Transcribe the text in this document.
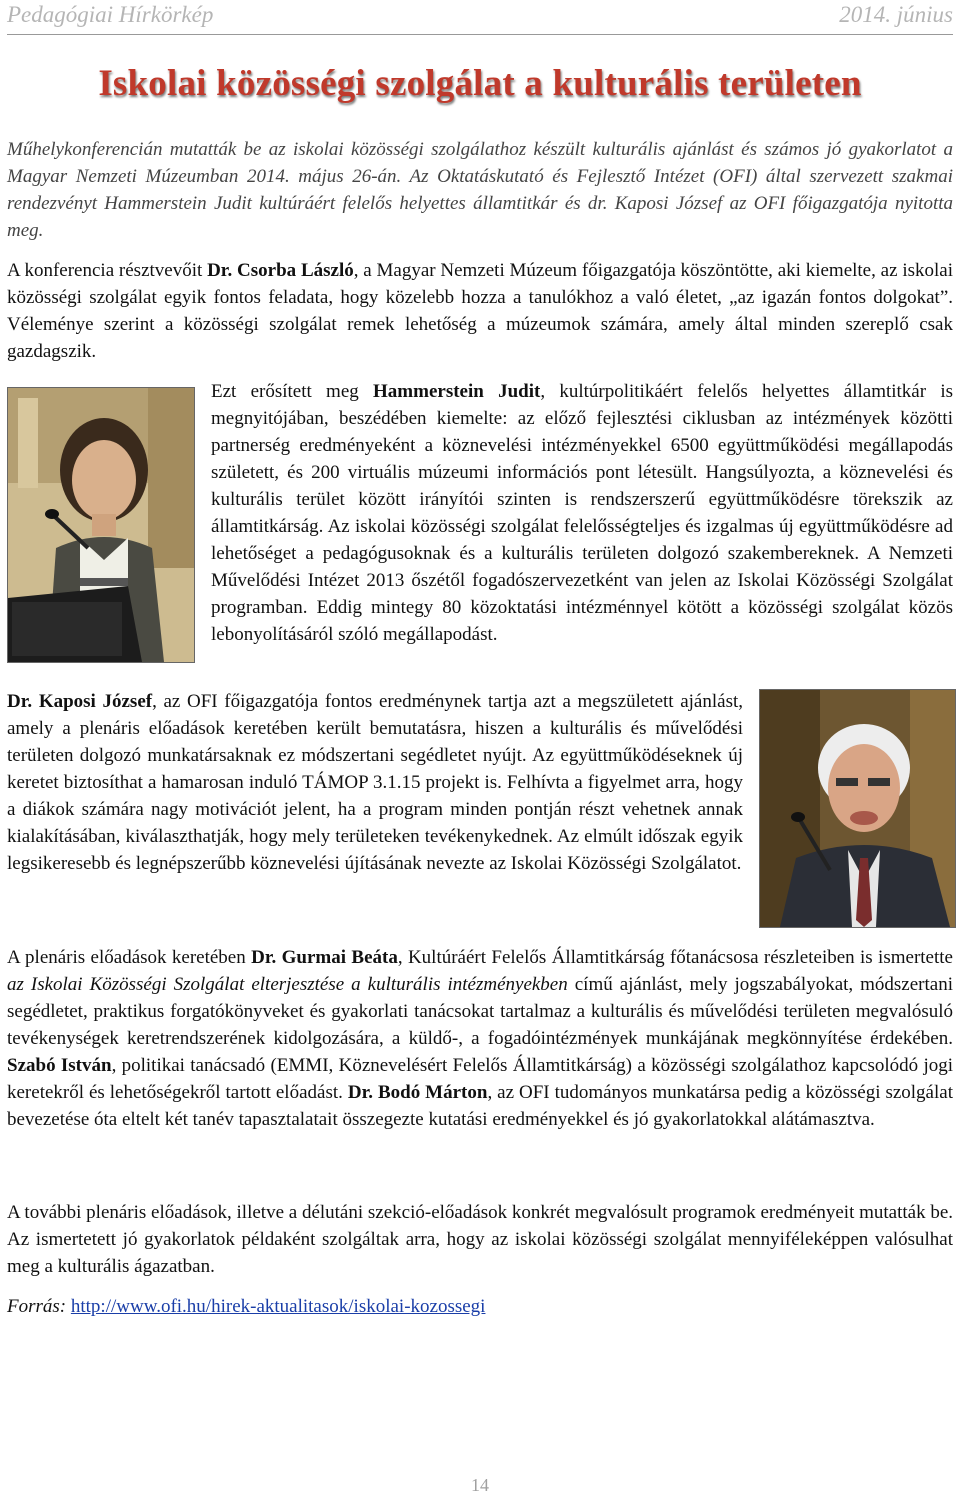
Pedagógiai Hírkörkép	2014. június
Iskolai közösségi szolgálat a kulturális területen

Műhelykonferencián mutatták be az iskolai közösségi szolgálathoz készült kulturális ajánlást és számos jó gyakorlatot a Magyar Nemzeti Múzeumban 2014. május 26-án. Az Oktatáskutató és Fejlesztő Intézet (OFI) által szervezett szakmai rendezvényt Hammerstein Judit kultúráért felelős helyettes államtitkár és dr. Kaposi József az OFI főigazgatója nyitotta meg.

A konferencia résztvevőit Dr. Csorba László, a Magyar Nemzeti Múzeum főigazgatója köszöntötte, aki kiemelte, az iskolai közösségi szolgálat egyik fontos feladata, hogy közelebb hozza a tanulókhoz a való életet, „az igazán fontos dolgokat”. Véleménye szerint a közösségi szolgálat remek lehetőség a múzeumok számára, amely által minden szereplő csak gazdagszik.

Ezt erősített meg Hammerstein Judit, kultúrpolitikáért felelős helyettes államtitkár is megnyitójában, beszédében kiemelte: az előző fejlesztési ciklusban az intézmények közötti partnerség eredményeként a köznevelési intézményekkel 6500 együttműködési megállapodás született, és 200 virtuális múzeumi információs pont létesült. Hangsúlyozta, a köznevelési és kulturális terület között irányítói szinten is rendszerszerű együttműködésre törekszik az államtitkárság. Az iskolai közösségi szolgálat felelősségteljes és izgalmas új együttműködésre ad lehetőséget a pedagógusoknak és a kulturális területen dolgozó szakembereknek. A Nemzeti Művelődési Intézet 2013 őszétől fogadószervezetként van jelen az Iskolai Közösségi Szolgálat programban. Eddig mintegy 80 közoktatási intézménnyel kötött a közösségi szolgálat közös lebonyolításáról szóló megállapodást.

Dr. Kaposi József, az OFI főigazgatója fontos eredménynek tartja azt a megszületett ajánlást, amely a plenáris előadások keretében került bemutatásra, hiszen a kulturális és művelődési területen dolgozó munkatársaknak ez módszertani segédletet nyújt. Az együttműködéseknek új keretet biztosíthat a hamarosan induló TÁMOP 3.1.15 projekt is. Felhívta a figyelmet arra, hogy a diákok számára nagy motivációt jelent, ha a program minden pontján részt vehetnek annak kialakításában, kiválaszthatják, hogy mely területeken tevékenykednek. Az elmúlt időszak egyik legsikeresebb és legnépszerűbb köznevelési újításának nevezte az Iskolai Közösségi Szolgálatot.

A plenáris előadások keretében Dr. Gurmai Beáta, Kultúráért Felelős Államtitkárság főtanácsosa részleteiben is ismertette az Iskolai Közösségi Szolgálat elterjesztése a kulturális intézményekben című ajánlást, mely jogszabályokat, módszertani segédletet, praktikus forgatókönyveket és gyakorlati tanácsokat tartalmaz a kulturális és művelődési területen megvalósuló tevékenységek keretrendszerének kidolgozására, a küldő-, a fogadóintézmények munkájának megkönnyítése érdekében. Szabó István, politikai tanácsadó (EMMI, Köznevelésért Felelős Államtitkárság) a közösségi szolgálathoz kapcsolódó jogi keretekről és lehetőségekről tartott előadást. Dr. Bodó Márton, az OFI tudományos munkatársa pedig a közösségi szolgálat bevezetése óta eltelt két tanév tapasztalatait összegezte kutatási eredményekkel és jó gyakorlatokkal alátámasztva.

A további plenáris előadások, illetve a délutáni szekció-előadások konkrét megvalósult programok eredményeit mutatták be. Az ismertetett jó gyakorlatok példaként szolgáltak arra, hogy az iskolai közösségi szolgálat mennyiféleképpen valósulhat meg a kulturális ágazatban.

Forrás: http://www.ofi.hu/hirek-aktualitasok/iskolai-kozossegi

14
